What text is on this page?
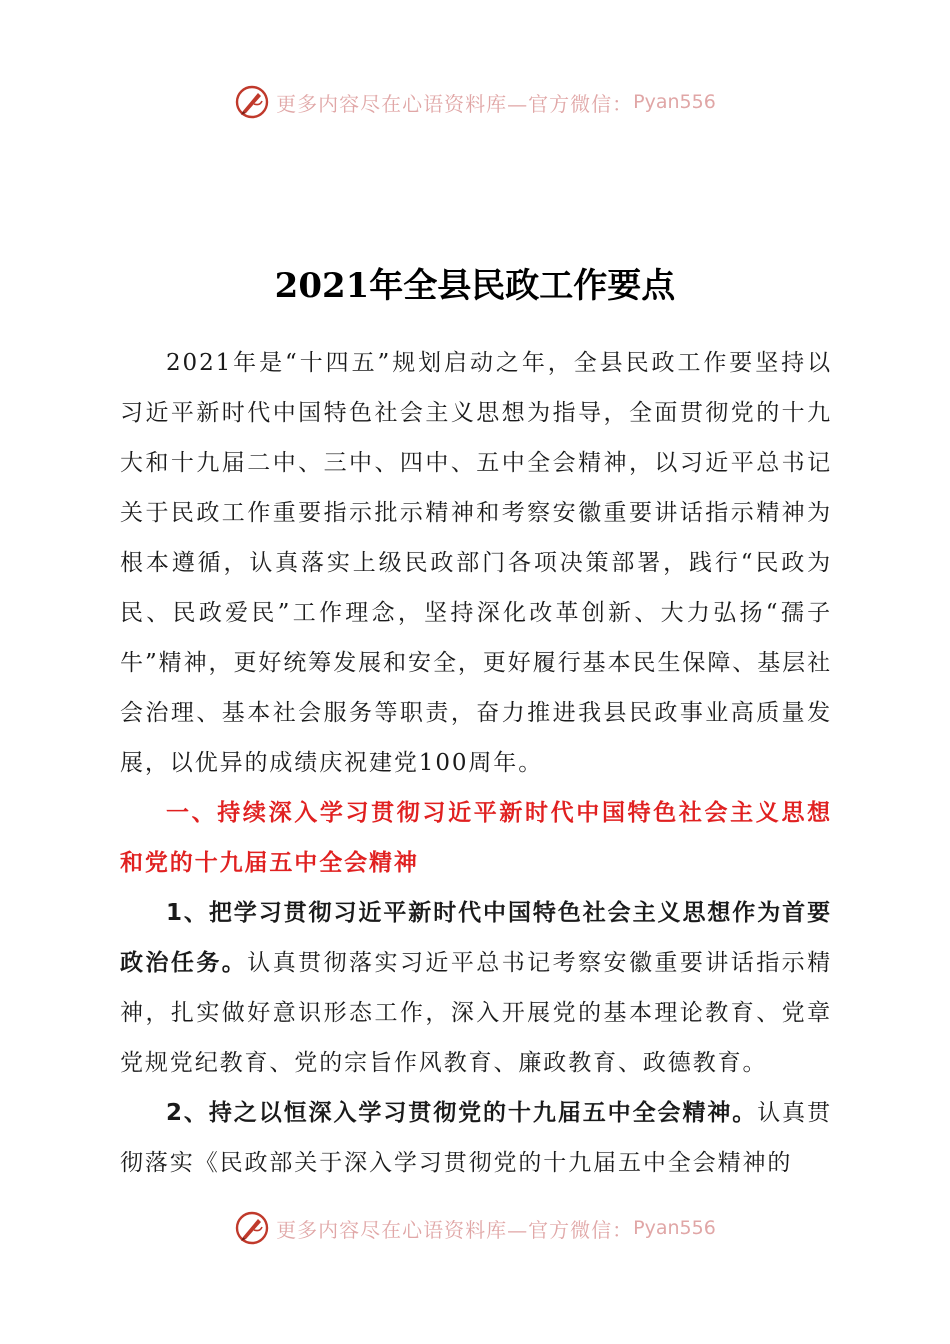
更多内容尽在心语资料库—官方微信： Pyan556
2021年全县民政工作要点

2021年是“十四五”规划启动之年，全县民政工作要坚持以习近平新时代中国特色社会主义思想为指导，全面贯彻党的十九大和十九届二中、三中、四中、五中全会精神，以习近平总书记关于民政工作重要指示批示精神和考察安徽重要讲话指示精神为根本遵循，认真落实上级民政部门各项决策部署，践行“民政为民、民政爱民”工作理念，坚持深化改革创新、大力弘扬“孺子牛”精神，更好统筹发展和安全，更好履行基本民生保障、基层社会治理、基本社会服务等职责，奋力推进我县民政事业高质量发展，以优异的成绩庆祝建党100周年。

一、持续深入学习贯彻习近平新时代中国特色社会主义思想和党的十九届五中全会精神

1、把学习贯彻习近平新时代中国特色社会主义思想作为首要政治任务。认真贯彻落实习近平总书记考察安徽重要讲话指示精神，扎实做好意识形态工作，深入开展党的基本理论教育、党章党规党纪教育、党的宗旨作风教育、廉政教育、政德教育。

2、持之以恒深入学习贯彻党的十九届五中全会精神。认真贯彻落实《民政部关于深入学习贯彻党的十九届五中全会精神的

更多内容尽在心语资料库—官方微信： Pyan556
